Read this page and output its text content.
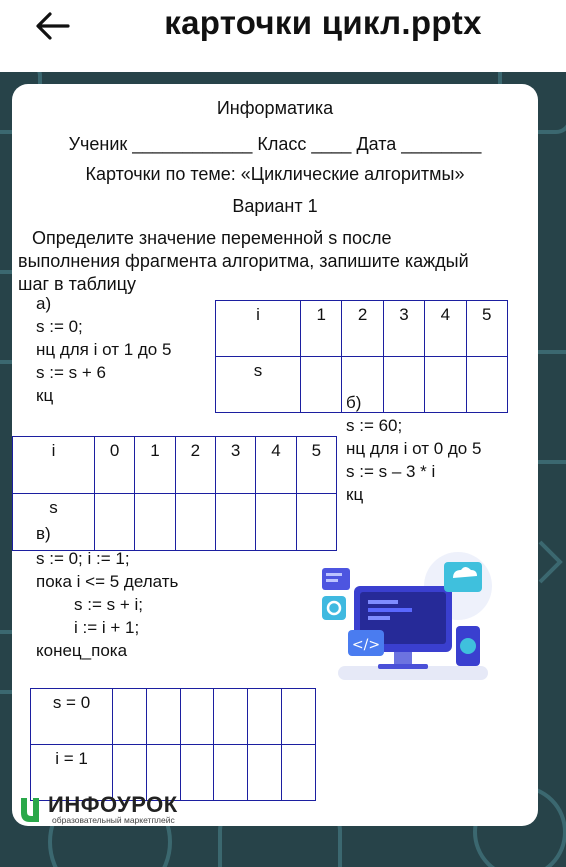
карточки цикл.pptx
Информатика
Ученик ____________ Класс ____ Дата ________
Карточки по теме: «Циклические алгоритмы»
Вариант 1
Определите значение переменной s после
выполнения фрагмента алгоритма, запишите каждый
шаг в таблицу
а)
s := 0;
нц для i от 1 до 5
s := s + 6
кц
i	1	2	3	4	5
s					
б)
s := 60;
нц для i от 0 до 5
s := s – 3 * i
кц
i	0	1	2	3	4	5
s						
в)
s := 0; i := 1;
пока i <= 5 делать
s := s + i;
i := i + 1;
конец_пока	</>
s = 0						
i = 1						
ИНФОУРОК
образовательный маркетплейс
